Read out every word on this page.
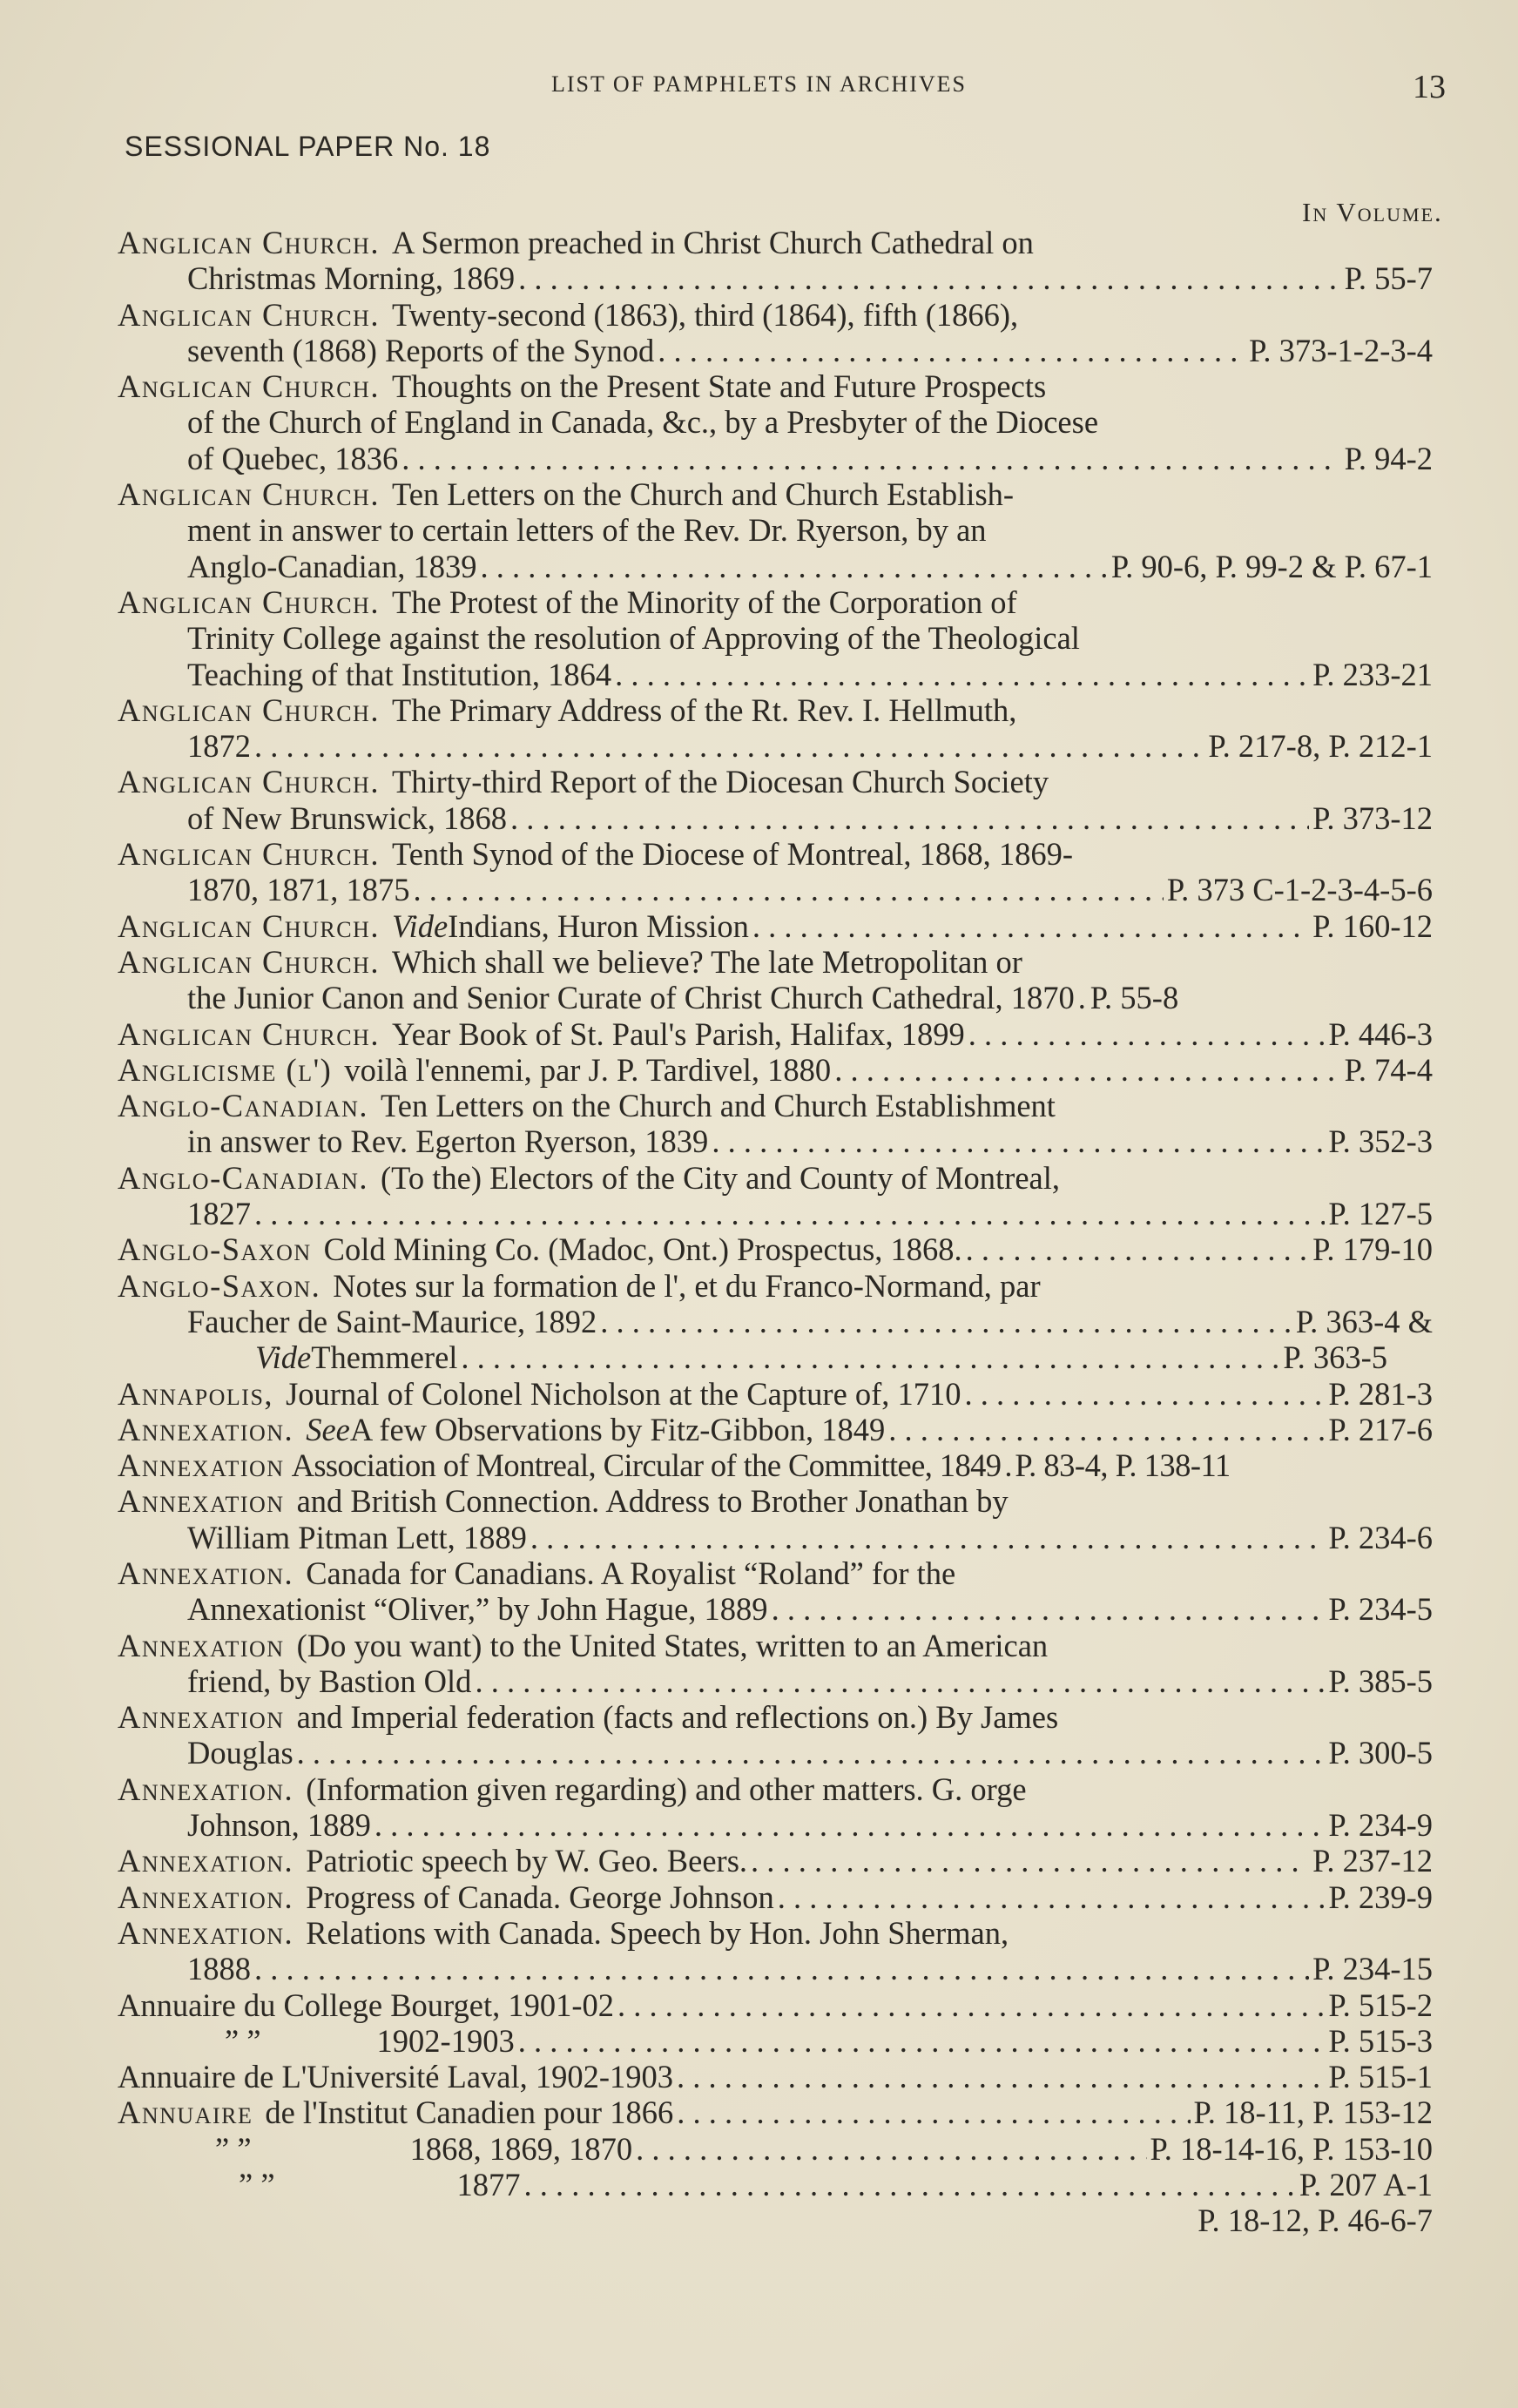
LIST OF PAMPHLETS IN ARCHIVES	13
SESSIONAL PAPER No. 18
In Volume.
Anglican Church. A Sermon preached in Christ Church Cathedral on
Christmas Morning, 1869 . . .	P. 55-7
Anglican Church. Twenty-second (1863), third (1864), fifth (1866),
seventh (1868) Reports of the Synod . . .	P. 373-1-2-3-4
Anglican Church. Thoughts on the Present State and Future Prospects
of the Church of England in Canada, &c., by a Presbyter of the Diocese
of Quebec, 1836 . . .	P. 94-2
Anglican Church. Ten Letters on the Church and Church Establish-
ment in answer to certain letters of the Rev. Dr. Ryerson, by an
Anglo-Canadian, 1839 . . .	P. 90-6, P. 99-2 & P. 67-1
Anglican Church. The Protest of the Minority of the Corporation of
Trinity College against the resolution of Approving of the Theological
Teaching of that Institution, 1864 . . .	P. 233-21
Anglican Church. The Primary Address of the Rt. Rev. I. Hellmuth,
1872 . . .	P. 217-8, P. 212-1
Anglican Church. Thirty-third Report of the Diocesan Church Society
of New Brunswick, 1868 . . .	P. 373-12
Anglican Church. Tenth Synod of the Diocese of Montreal, 1868, 1869-
1870, 1871, 1875 . . .	P. 373 C-1-2-3-4-5-6
Anglican Church. Vide Indians, Huron Mission . . .	P. 160-12
Anglican Church. Which shall we believe? The late Metropolitan or
the Junior Canon and Senior Curate of Christ Church Cathedral, 1870 . . . P. 55-8
Anglican Church. Year Book of St. Paul's Parish, Halifax, 1899 . . .	P. 446-3
Anglicisme (l') voilà l'ennemi, par J. P. Tardivel, 1880 . . .	P. 74-4
Anglo-Canadian. Ten Letters on the Church and Church Establishment
in answer to Rev. Egerton Ryerson, 1839 . . .	P. 352-3
Anglo-Canadian. (To the) Electors of the City and County of Montreal,
1827 . . .	P. 127-5
Anglo-Saxon Cold Mining Co. (Madoc, Ont.) Prospectus, 1868. . . .	P. 179-10
Anglo-Saxon. Notes sur la formation de l', et du Franco-Normand, par
Faucher de Saint-Maurice, 1892 . . .	P. 363-4 &
Vide Themmerel . . .	P. 363-5
Annapolis, Journal of Colonel Nicholson at the Capture of, 1710 . . .	P. 281-3
Annexation. See A few Observations by Fitz-Gibbon, 1849 . . .	P. 217-6
Annexation Association of Montreal, Circular of the Committee, 1849 . . . P. 83-4, P. 138-11
Annexation and British Connection. Address to Brother Jonathan by
William Pitman Lett, 1889 . . .	P. 234-6
Annexation. Canada for Canadians. A Royalist “Roland” for the
Annexationist “Oliver,” by John Hague, 1889 . . .	P. 234-5
Annexation (Do you want) to the United States, written to an American
friend, by Bastion Old . . .	P. 385-5
Annexation and Imperial federation (facts and reflections on.) By James
Douglas . . .	P. 300-5
Annexation. (Information given regarding) and other matters. G. orge
Johnson, 1889 . . .	P. 234-9
Annexation. Patriotic speech by W. Geo. Beers. . . .	P. 237-12
Annexation. Progress of Canada. George Johnson . . .	P. 239-9
Annexation. Relations with Canada. Speech by Hon. John Sherman,
1888 . . .	P. 234-15
Annuaire du College Bourget, 1901-02 . . .	P. 515-2
” ”	1902-1903 . . .	P. 515-3
Annuaire de L'Université Laval, 1902-1903 . . .	P. 515-1
Annuaire de l'Institut Canadien pour 1866 . . .	P. 18-11, P. 153-12
” ”	1868, 1869, 1870 . . .	P. 18-14-16, P. 153-10
” ”	1877 . . .	P. 207 A-1
P. 18-12, P. 46-6-7
